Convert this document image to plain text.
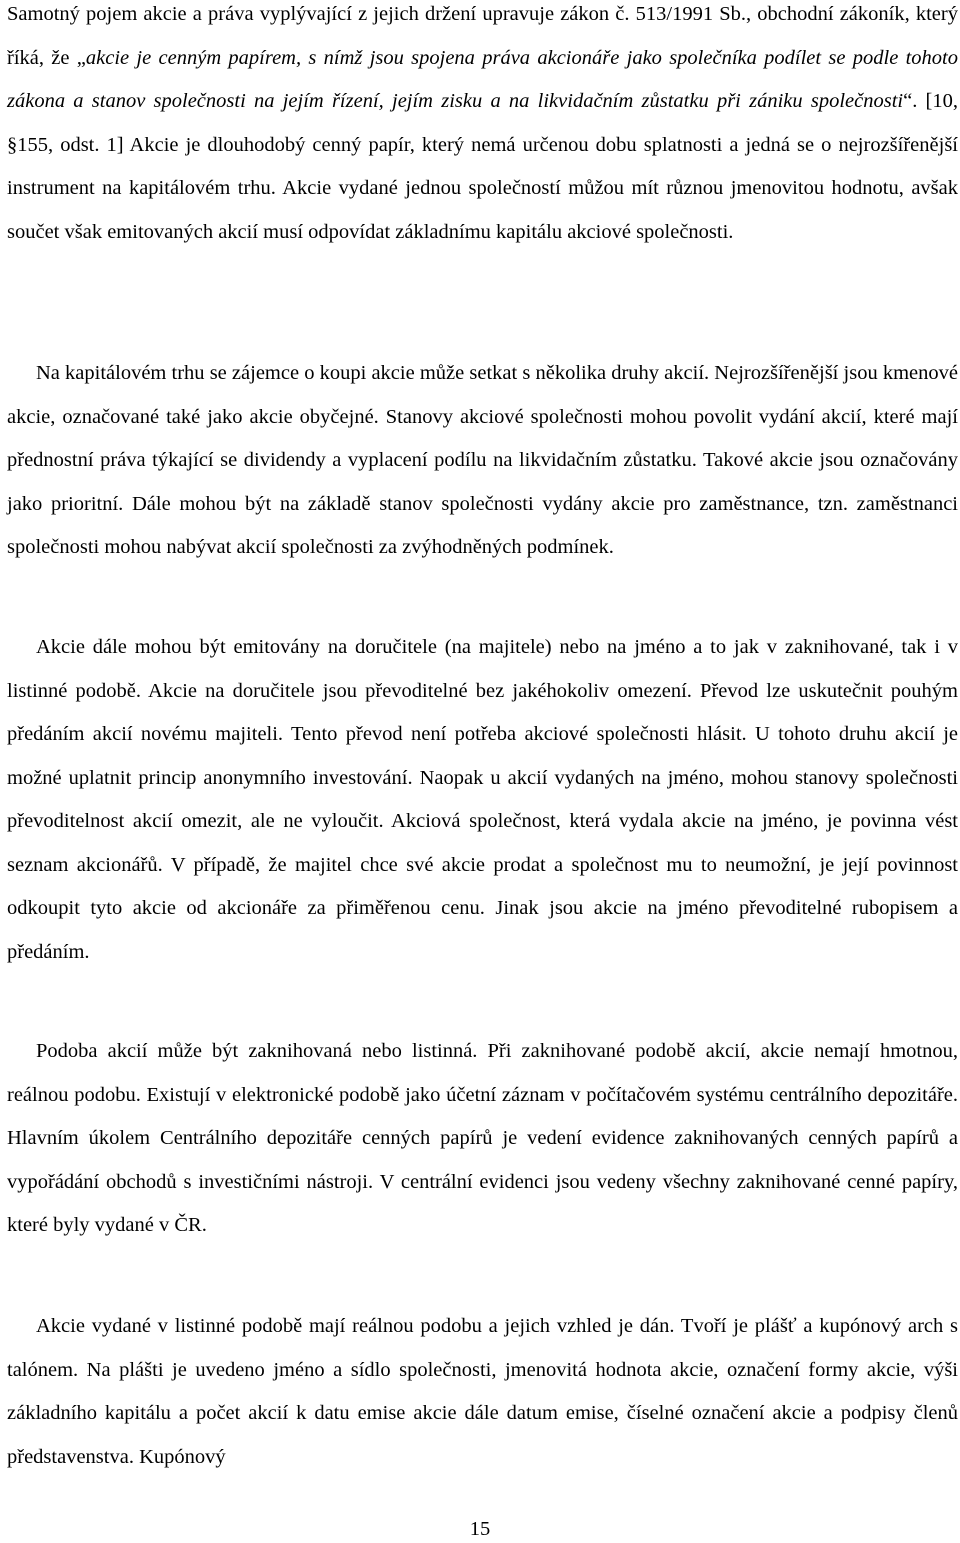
Samotný pojem akcie a práva vyplývající z jejich držení upravuje zákon č. 513/1991 Sb., obchodní zákoník, který říká, že „akcie je cenným papírem, s nímž jsou spojena práva akcionáře jako společníka podílet se podle tohoto zákona a stanov společnosti na jejím řízení, jejím zisku a na likvidačním zůstatku při zániku společnosti“. [10, §155, odst. 1] Akcie je dlouhodobý cenný papír, který nemá určenou dobu splatnosti a jedná se o nejrozšířenější instrument na kapitálovém trhu. Akcie vydané jednou společností můžou mít různou jmenovitou hodnotu, avšak součet však emitovaných akcií musí odpovídat základnímu kapitálu akciové společnosti.

Na kapitálovém trhu se zájemce o koupi akcie může setkat s několika druhy akcií. Nejrozšířenější jsou kmenové akcie, označované také jako akcie obyčejné. Stanovy akciové společnosti mohou povolit vydání akcií, které mají přednostní práva týkající se dividendy a vyplacení podílu na likvidačním zůstatku. Takové akcie jsou označovány jako prioritní. Dále mohou být na základě stanov společnosti vydány akcie pro zaměstnance, tzn. zaměstnanci společnosti mohou nabývat akcií společnosti za zvýhodněných podmínek.

Akcie dále mohou být emitovány na doručitele (na majitele) nebo na jméno a to jak v zaknihované, tak i v listinné podobě. Akcie na doručitele jsou převoditelné bez jakéhokoliv omezení. Převod lze uskutečnit pouhým předáním akcií novému majiteli. Tento převod není potřeba akciové společnosti hlásit. U tohoto druhu akcií je možné uplatnit princip anonymního investování. Naopak u akcií vydaných na jméno, mohou stanovy společnosti převoditelnost akcií omezit, ale ne vyloučit. Akciová společnost, která vydala akcie na jméno, je povinna vést seznam akcionářů. V případě, že majitel chce své akcie prodat a společnost mu to neumožní, je její povinnost odkoupit tyto akcie od akcionáře za přiměřenou cenu. Jinak jsou akcie na jméno převoditelné rubopisem a předáním.

Podoba akcií může být zaknihovaná nebo listinná. Při zaknihované podobě akcií, akcie nemají hmotnou, reálnou podobu. Existují v elektronické podobě jako účetní záznam v počítačovém systému centrálního depozitáře. Hlavním úkolem Centrálního depozitáře cenných papírů je vedení evidence zaknihovaných cenných papírů a vypořádání obchodů s investičními nástroji. V centrální evidenci jsou vedeny všechny zaknihované cenné papíry, které byly vydané v ČR.

Akcie vydané v listinné podobě mají reálnou podobu a jejich vzhled je dán. Tvoří je plášť a kupónový arch s talónem. Na plášti je uvedeno jméno a sídlo společnosti, jmenovitá hodnota akcie, označení formy akcie, výši základního kapitálu a počet akcií k datu emise akcie dále datum emise, číselné označení akcie a podpisy členů představenstva. Kupónový

15
